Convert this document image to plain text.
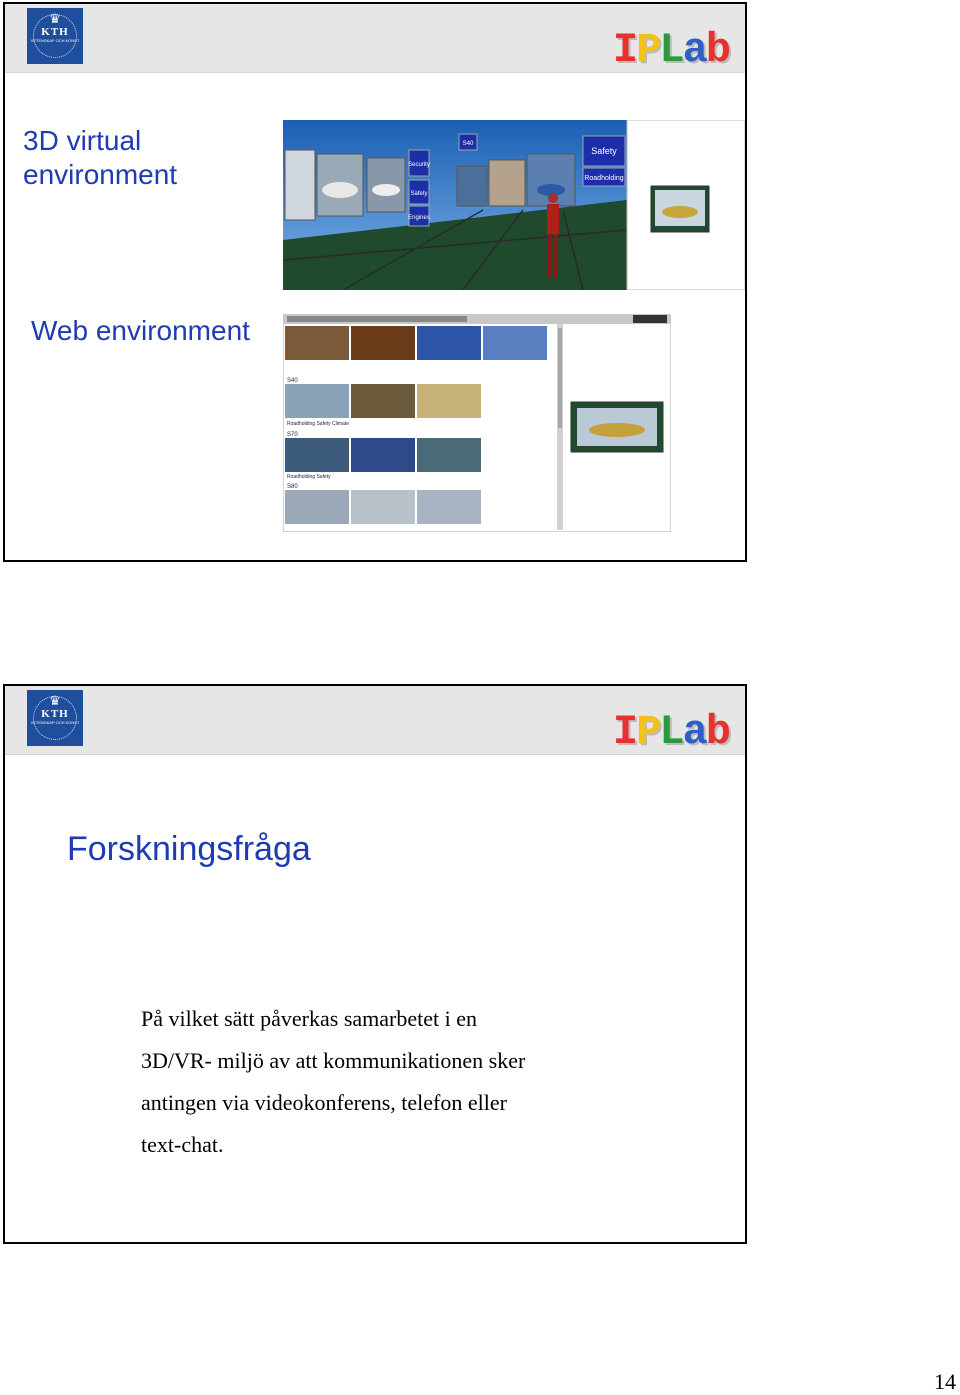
♛
KTH
VETENSKAP OCH KONST	IPLab
3D virtual
environment	Security
Safety
Engines
S40
Safety
Roadholding
Web environment
S40
Roadholding Safety Climate
S70
Roadholding Safety
S80
♛
KTH
VETENSKAP OCH KONST	IPLab
Forskningsfråga
På vilket sätt påverkas samarbetet i en
3D/VR- miljö av att kommunikationen sker
antingen via videokonferens, telefon eller
text-chat.
14
